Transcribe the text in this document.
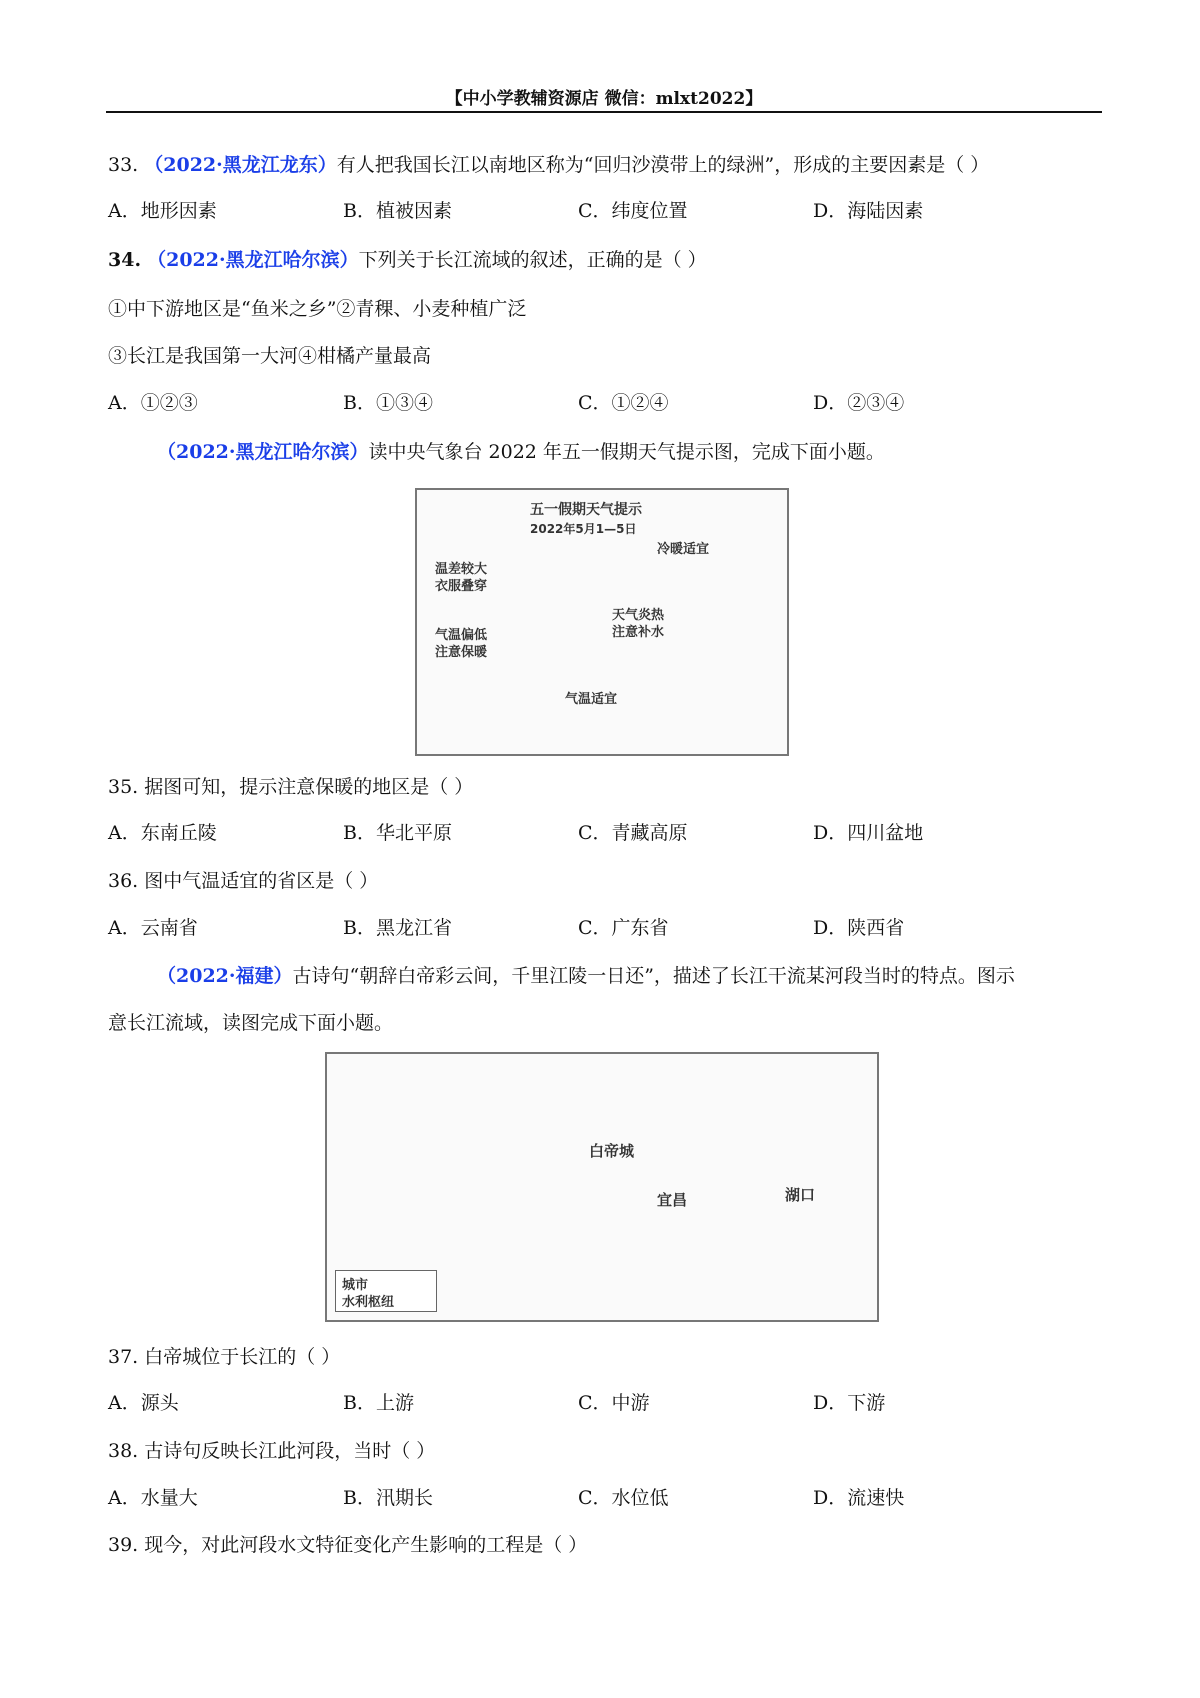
【中小学教辅资源店 微信：mlxt2022】
33. （2022·黑龙江龙东）有人把我国长江以南地区称为“回归沙漠带上的绿洲”，形成的主要因素是（ ）
A．地形因素	B．植被因素	C．纬度位置	D．海陆因素
34. （2022·黑龙江哈尔滨）下列关于长江流域的叙述，正确的是（ ）
①中下游地区是“鱼米之乡”②青稞、小麦种植广泛
③长江是我国第一大河④柑橘产量最高
A．①②③	B．①③④	C．①②④	D．②③④
（2022·黑龙江哈尔滨）读中央气象台 2022 年五一假期天气提示图，完成下面小题。
五一假期天气提示
2022年5月1—5日
温差较大
衣服叠穿
气温偏低
注意保暖
冷暖适宜
天气炎热
注意补水
气温适宜
35. 据图可知，提示注意保暖的地区是（ ）
A．东南丘陵	B．华北平原	C．青藏高原	D．四川盆地
36. 图中气温适宜的省区是（ ）
A．云南省	B．黑龙江省	C．广东省	D．陕西省
（2022·福建）古诗句“朝辞白帝彩云间，千里江陵一日还”，描述了长江干流某河段当时的特点。图示
意长江流域，读图完成下面小题。
白帝城
宜昌	湖口
城市
水利枢纽
37. 白帝城位于长江的（ ）
A．源头	B．上游	C．中游	D．下游
38. 古诗句反映长江此河段，当时（ ）
A．水量大	B．汛期长	C．水位低	D．流速快
39. 现今，对此河段水文特征变化产生影响的工程是（ ）
